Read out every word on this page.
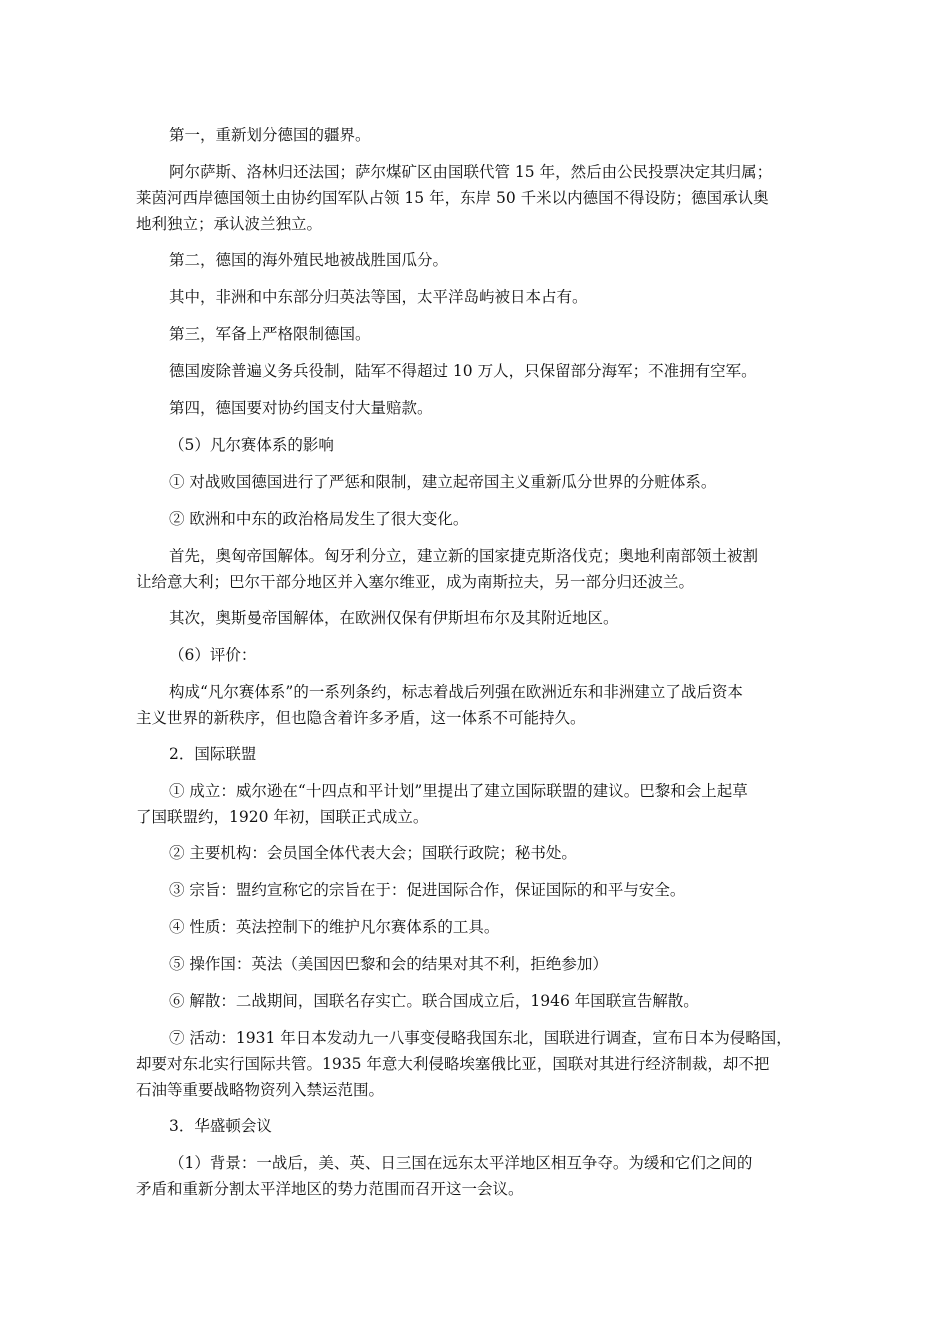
第一，重新划分德国的疆界。
阿尔萨斯、洛林归还法国；萨尔煤矿区由国联代管 15 年，然后由公民投票决定其归属；
莱茵河西岸德国领土由协约国军队占领 15 年，东岸 50 千米以内德国不得设防；德国承认奥
地利独立；承认波兰独立。
第二，德国的海外殖民地被战胜国瓜分。
其中，非洲和中东部分归英法等国，太平洋岛屿被日本占有。
第三，军备上严格限制德国。
德国废除普遍义务兵役制，陆军不得超过 10 万人，只保留部分海军；不准拥有空军。
第四，德国要对协约国支付大量赔款。
（5）凡尔赛体系的影响
① 对战败国德国进行了严惩和限制，建立起帝国主义重新瓜分世界的分赃体系。
② 欧洲和中东的政治格局发生了很大变化。
首先，奥匈帝国解体。匈牙利分立，建立新的国家捷克斯洛伐克；奥地利南部领土被割
让给意大利；巴尔干部分地区并入塞尔维亚，成为南斯拉夫，另一部分归还波兰。
其次，奥斯曼帝国解体，在欧洲仅保有伊斯坦布尔及其附近地区。
（6）评价：
构成“凡尔赛体系”的一系列条约，标志着战后列强在欧洲近东和非洲建立了战后资本
主义世界的新秩序，但也隐含着许多矛盾，这一体系不可能持久。
2．国际联盟
① 成立：威尔逊在“十四点和平计划”里提出了建立国际联盟的建议。巴黎和会上起草
了国联盟约，1920 年初，国联正式成立。
② 主要机构：会员国全体代表大会；国联行政院；秘书处。
③ 宗旨：盟约宣称它的宗旨在于：促进国际合作，保证国际的和平与安全。
④ 性质：英法控制下的维护凡尔赛体系的工具。
⑤ 操作国：英法（美国因巴黎和会的结果对其不利，拒绝参加）
⑥ 解散：二战期间，国联名存实亡。联合国成立后，1946 年国联宣告解散。
⑦ 活动：1931 年日本发动九一八事变侵略我国东北，国联进行调查，宣布日本为侵略国，
却要对东北实行国际共管。1935 年意大利侵略埃塞俄比亚，国联对其进行经济制裁，却不把
石油等重要战略物资列入禁运范围。
3．华盛顿会议
（1）背景：一战后，美、英、日三国在远东太平洋地区相互争夺。为缓和它们之间的
矛盾和重新分割太平洋地区的势力范围而召开这一会议。
